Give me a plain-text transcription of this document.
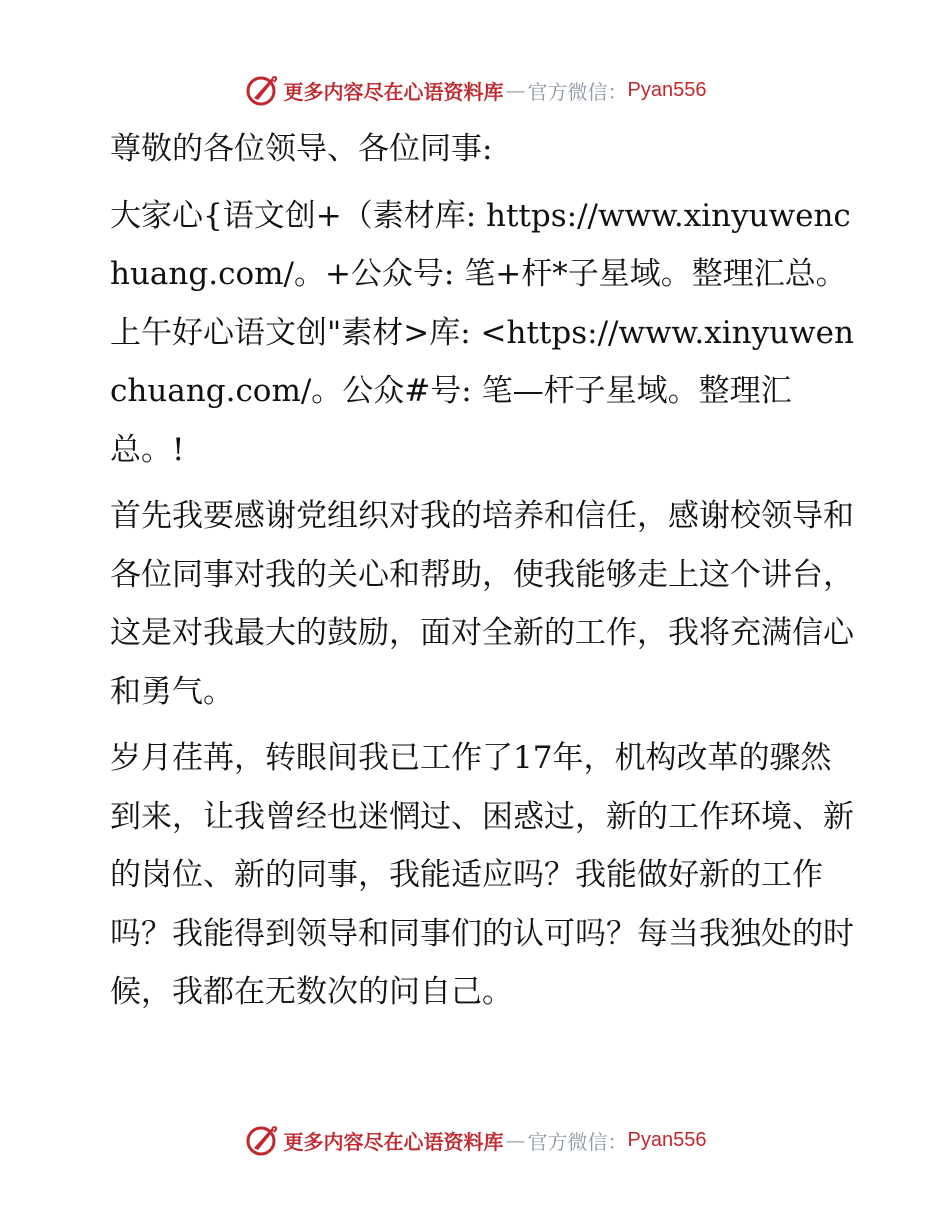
更多内容尽在心语资料库 — 官方微信： Pyan556

尊敬的各位领导、各位同事:

大家心{语文创+（素材库: https://www.xinyuwenchuang.com/。+公众号: 笔+杆*子星域。整理汇总。上午好心语文创"素材>库: <https://www.xinyuwenchuang.com/。公众#号: 笔—杆子星域。整理汇总。!

首先我要感谢党组织对我的培养和信任，感谢校领导和各位同事对我的关心和帮助，使我能够走上这个讲台，这是对我最大的鼓励，面对全新的工作，我将充满信心和勇气。

岁月荏苒，转眼间我已工作了17年，机构改革的骤然到来，让我曾经也迷惘过、困惑过，新的工作环境、新的岗位、新的同事，我能适应吗？我能做好新的工作吗？我能得到领导和同事们的认可吗？每当我独处的时候，我都在无数次的问自己。

更多内容尽在心语资料库 — 官方微信： Pyan556
